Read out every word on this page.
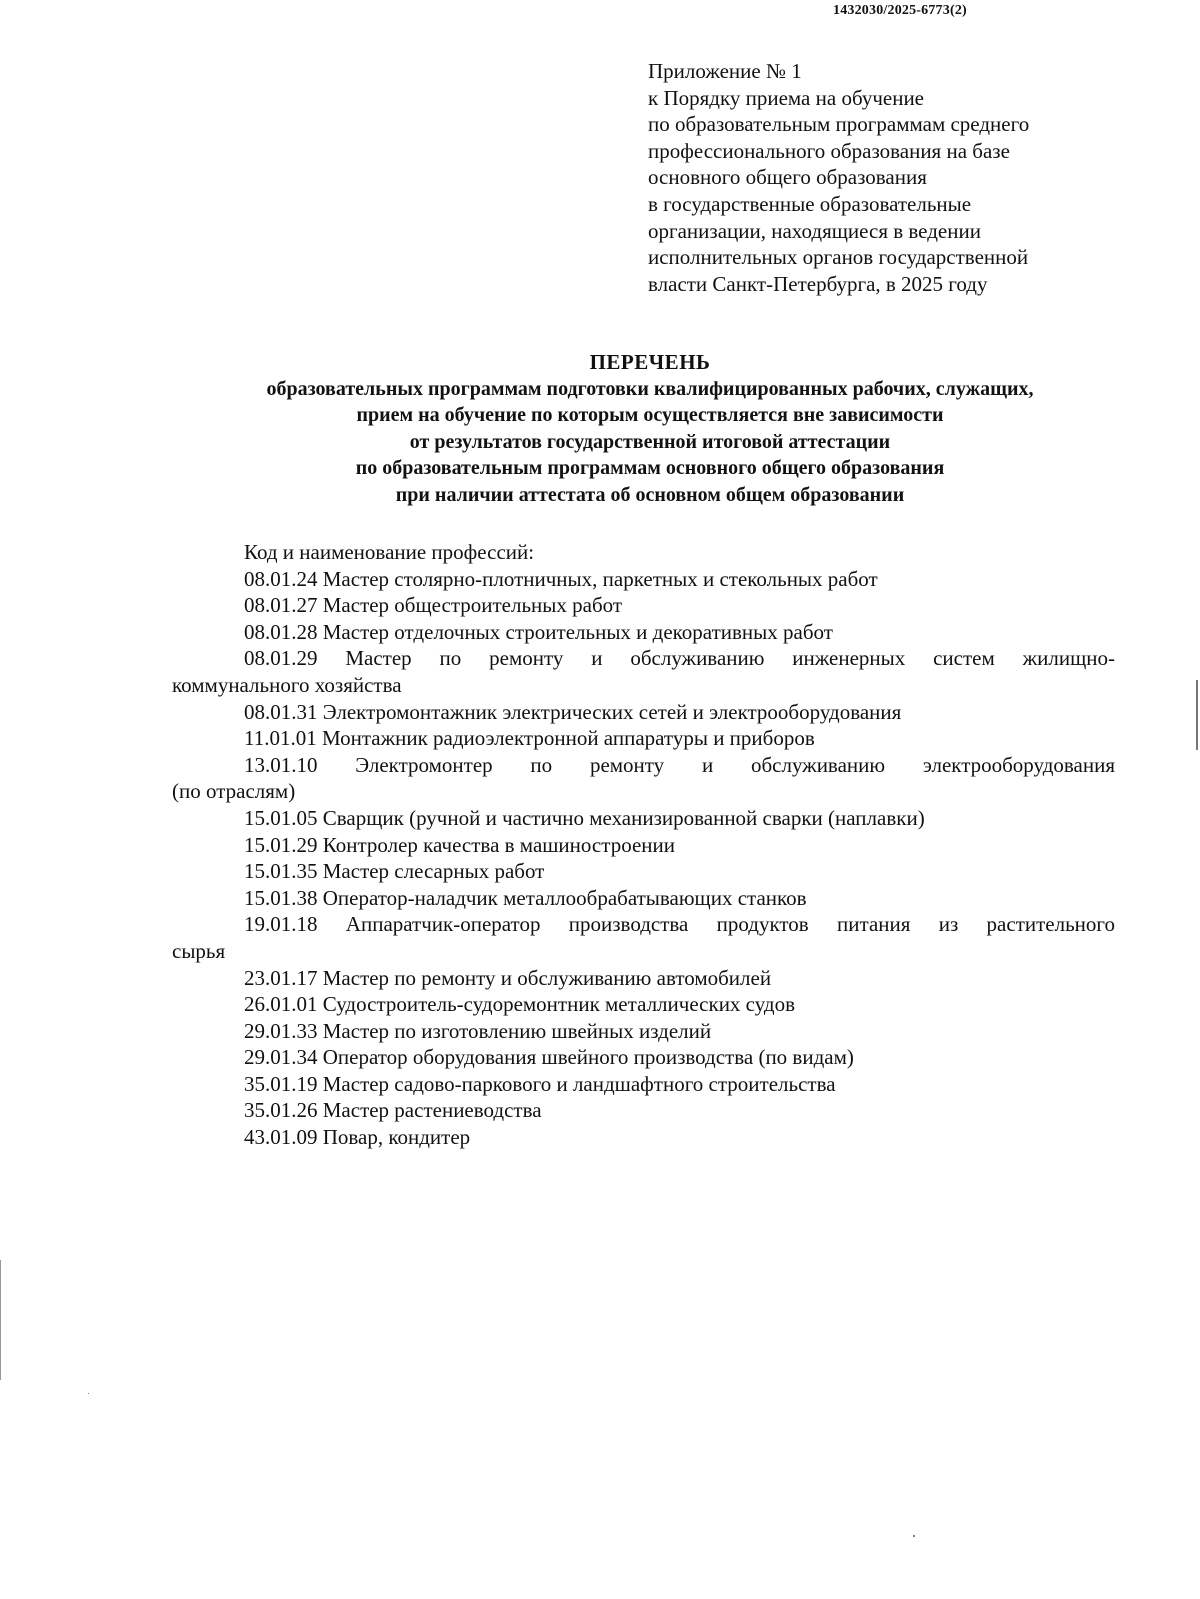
1432030/2025-6773(2)
Приложение № 1
к Порядку приема на обучение
по образовательным программам среднего
профессионального образования на базе
основного общего образования
в государственные образовательные
организации, находящиеся в ведении
исполнительных органов государственной
власти Санкт-Петербурга, в 2025 году
ПЕРЕЧЕНЬ
образовательных программам подготовки квалифицированных рабочих, служащих,
прием на обучение по которым осуществляется вне зависимости
от результатов государственной итоговой аттестации
по образовательным программам основного общего образования
при наличии аттестата об основном общем образовании
Код и наименование профессий:
08.01.24 Мастер столярно-плотничных, паркетных и стекольных работ
08.01.27 Мастер общестроительных работ
08.01.28 Мастер отделочных строительных и декоративных работ
08.01.29 Мастер по ремонту и обслуживанию инженерных систем жилищно-
коммунального хозяйства
08.01.31 Электромонтажник электрических сетей и электрооборудования
11.01.01 Монтажник радиоэлектронной аппаратуры и приборов
13.01.10 Электромонтер по ремонту и обслуживанию электрооборудования
(по отраслям)
15.01.05 Сварщик (ручной и частично механизированной сварки (наплавки)
15.01.29 Контролер качества в машиностроении
15.01.35 Мастер слесарных работ
15.01.38 Оператор-наладчик металлообрабатывающих станков
19.01.18 Аппаратчик-оператор производства продуктов питания из растительного
сырья
23.01.17 Мастер по ремонту и обслуживанию автомобилей
26.01.01 Судостроитель-судоремонтник металлических судов
29.01.33 Мастер по изготовлению швейных изделий
29.01.34 Оператор оборудования швейного производства (по видам)
35.01.19 Мастер садово-паркового и ландшафтного строительства
35.01.26 Мастер растениеводства
43.01.09 Повар, кондитер
